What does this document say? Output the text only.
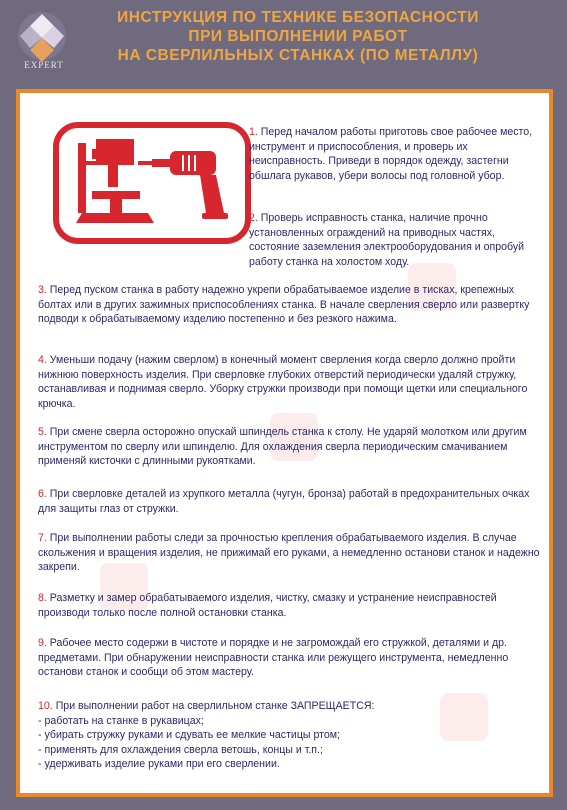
EXPERT
ИНСТРУКЦИЯ ПО ТЕХНИКЕ БЕЗОПАСНОСТИ
ПРИ ВЫПОЛНЕНИИ РАБОТ
НА СВЕРЛИЛЬНЫХ СТАНКАХ (ПО МЕТАЛЛУ)
1. Перед началом работы приготовь свое рабочее место, инструмент и приспособления, и проверь их неисправность. Приведи в порядок одежду, застегни обшлага рукавов, убери волосы под головной убор.
2. Проверь исправность станка, наличие прочно установленных ограждений на приводных частях, состояние заземления электрооборудования и опробуй работу станка на холостом ходу.
3. Перед пуском станка в работу надежно укрепи обрабатываемое изделие в тисках, крепежных болтах или в других зажимных приспособлениях станка. В начале сверления сверло или развертку подводи к обрабатываемому изделию постепенно и без резкого нажима.
4. Уменьши подачу (нажим сверлом) в конечный момент сверления когда сверло должно пройти нижнюю поверхность изделия. При сверловке глубоких отверстий периодически удаляй стружку, останавливая и поднимая сверло. Уборку стружки производи при помощи щетки или специального крючка.
5. При смене сверла осторожно опускай шпиндель станка к столу. Не ударяй молотком или другим инструментом по сверлу или шпинделю. Для охлаждения сверла периодическим смачиванием применяй кисточки с длинными рукоятками.
6. При сверловке деталей из хрупкого металла (чугун, бронза) работай в предохранительных очках для защиты глаз от стружки.
7. При выполнении работы следи за прочностью крепления обрабатываемого изделия. В случае скольжения и вращения изделия, не прижимай его руками, а немедленно останови станок и надежно закрепи.
8. Разметку и замер обрабатываемого изделия, чистку, смазку и устранение неисправностей производи только после полной остановки станка.
9. Рабочее место содержи в чистоте и порядке и не загромождай его стружкой, деталями и др. предметами. При обнаружении неисправности станка или режущего инструмента, немедленно останови станок и сообщи об этом мастеру.
10. При выполнении работ на сверлильном станке ЗАПРЕЩАЕТСЯ:
- работать на станке в рукавицах;
- убирать стружку руками и сдувать ее мелкие частицы ртом;
- применять для охлаждения сверла ветошь, концы и т.п.;
- удерживать изделие руками при его сверлении.
